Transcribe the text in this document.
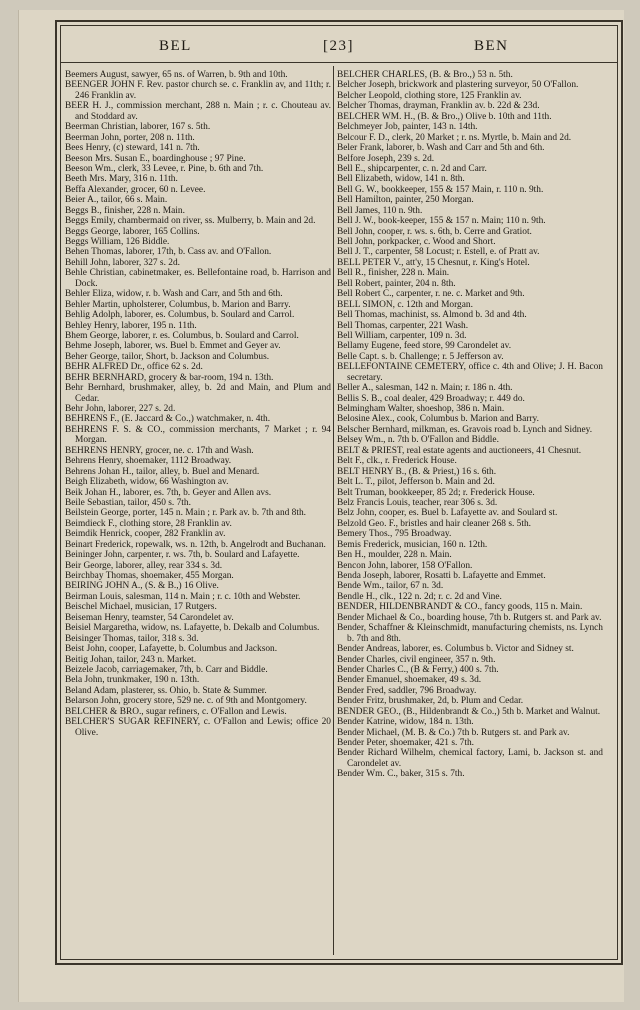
BEL	[23]	BEN
Beemers August, sawyer, 65 ns. of Warren, b. 9th and 10th.
BEENGER JOHN F. Rev. pastor church se. c. Franklin av, and 11th; r. 246 Franklin av.
BEER H. J., commission merchant, 288 n. Main ; r. c. Chouteau av. and Stoddard av.
Beerman Christian, laborer, 167 s. 5th.
Beerman John, porter, 208 n. 11th.
Bees Henry, (c) steward, 141 n. 7th.
Beeson Mrs. Susan E., boardinghouse ; 97 Pine.
Beeson Wm., clerk, 33 Levee, r. Pine, b. 6th and 7th.
Beeth Mrs. Mary, 316 n. 11th.
Beffa Alexander, grocer, 60 n. Levee.
Beier A., tailor, 66 s. Main.
Beggs B., finisher, 228 n. Main.
Beggs Emily, chambermaid on river, ss. Mulberry, b. Main and 2d.
Beggs George, laborer, 165 Collins.
Beggs William, 126 Biddle.
Behen Thomas, laborer, 17th, b. Cass av. and O'Fallon.
Behill John, laborer, 327 s. 2d.
Behle Christian, cabinetmaker, es. Bellefontaine road, b. Harrison and Dock.
Behler Eliza, widow, r. b. Wash and Carr, and 5th and 6th.
Behler Martin, upholsterer, Columbus, b. Marion and Barry.
Behlig Adolph, laborer, es. Columbus, b. Soulard and Carrol.
Behley Henry, laborer, 195 n. 11th.
Bhem George, laborer, r. es. Columbus, b. Soulard and Carrol.
Behme Joseph, laborer, ws. Buel b. Emmet and Geyer av.
Beher George, tailor, Short, b. Jackson and Columbus.
BEHR ALFRED Dr., office 62 s. 2d.
BEHR BERNHARD, grocery & bar-room, 194 n. 13th.
Behr Bernhard, brushmaker, alley, b. 2d and Main, and Plum and Cedar.
Behr John, laborer, 227 s. 2d.
BEHRENS F., (E. Jaccard & Co.,) watchmaker, n. 4th.
BEHRENS F. S. & CO., commission merchants, 7 Market ; r. 94 Morgan.
BEHRENS HENRY, grocer, ne. c. 17th and Wash.
Behrens Henry, shoemaker, 1112 Broadway.
Behrens Johan H., tailor, alley, b. Buel and Menard.
Beigh Elizabeth, widow, 66 Washington av.
Beik Johan H., laborer, es. 7th, b. Geyer and Allen avs.
Beile Sebastian, tailor, 450 s. 7th.
Beilstein George, porter, 145 n. Main ; r. Park av. b. 7th and 8th.
Beimdieck F., clothing store, 28 Franklin av.
Beimdik Henrick, cooper, 282 Franklin av.
Beinart Frederick, ropewalk, ws. n. 12th, b. Angelrodt and Buchanan.
Beininger John, carpenter, r. ws. 7th, b. Soulard and Lafayette.
Beir George, laborer, alley, rear 334 s. 3d.
Beirchbay Thomas, shoemaker, 455 Morgan.
BEIRING JOHN A., (S. & B.,) 16 Olive.
Beirman Louis, salesman, 114 n. Main ; r. c. 10th and Webster.
Beischel Michael, musician, 17 Rutgers.
Beiseman Henry, teamster, 54 Carondelet av.
Beisiel Margaretha, widow, ns. Lafayette, b. Dekalb and Columbus.
Beisinger Thomas, tailor, 318 s. 3d.
Beist John, cooper, Lafayette, b. Columbus and Jackson.
Beitig Johan, tailor, 243 n. Market.
Beizele Jacob, carriagemaker, 7th, b. Carr and Biddle.
Bela John, trunkmaker, 190 n. 13th.
Beland Adam, plasterer, ss. Ohio, b. State & Summer.
Belarson John, grocery store, 529 ne. c. of 9th and Montgomery.
BELCHER & BRO., sugar refiners, c. O'Fallon and Lewis.
BELCHER'S SUGAR REFINERY, c. O'Fallon and Lewis; office 20 Olive.
BELCHER CHARLES, (B. & Bro.,) 53 n. 5th.
Belcher Joseph, brickwork and plastering surveyor, 50 O'Fallon.
Belcher Leopold, clothing store, 125 Franklin av.
Belcher Thomas, drayman, Franklin av. b. 22d & 23d.
BELCHER WM. H., (B. & Bro.,) Olive b. 10th and 11th.
Belchmeyer Job, painter, 143 n. 14th.
Belcour F. D., clerk, 20 Market ; r. ns. Myrtle, b. Main and 2d.
Beler Frank, laborer, b. Wash and Carr and 5th and 6th.
Belfore Joseph, 239 s. 2d.
Bell E., shipcarpenter, c. n. 2d and Carr.
Bell Elizabeth, widow, 141 n. 8th.
Bell G. W., bookkeeper, 155 & 157 Main, r. 110 n. 9th.
Bell Hamilton, painter, 250 Morgan.
Bell James, 110 n. 9th.
Bell J. W., book-keeper, 155 & 157 n. Main; 110 n. 9th.
Bell John, cooper, r. ws. s. 6th, b. Cerre and Gratiot.
Bell John, porkpacker, c. Wood and Short.
Bell J. T., carpenter, 58 Locust; r. Estell, e. of Pratt av.
BELL PETER V., att'y, 15 Chesnut, r. King's Hotel.
Bell R., finisher, 228 n. Main.
Bell Robert, painter, 204 n. 8th.
Bell Robert C., carpenter, r. ne. c. Market and 9th.
BELL SIMON, c. 12th and Morgan.
Bell Thomas, machinist, ss. Almond b. 3d and 4th.
Bell Thomas, carpenter, 221 Wash.
Bell William, carpenter, 109 n. 3d.
Bellamy Eugene, feed store, 99 Carondelet av.
Belle Capt. s. b. Challenge; r. 5 Jefferson av.
BELLEFONTAINE CEMETERY, office c. 4th and Olive; J. H. Bacon secretary.
Beller A., salesman, 142 n. Main; r. 186 n. 4th.
Bellis S. B., coal dealer, 429 Broadway; r. 449 do.
Belmingham Walter, shoeshop, 386 n. Main.
Belosine Alex., cook, Columbus b. Marion and Barry.
Belscher Bernhard, milkman, es. Gravois road b. Lynch and Sidney.
Belsey Wm., n. 7th b. O'Fallon and Biddle.
BELT & PRIEST, real estate agents and auctioneers, 41 Chesnut.
Belt F., clk., r. Frederick House.
BELT HENRY B., (B. & Priest,) 16 s. 6th.
Belt L. T., pilot, Jefferson b. Main and 2d.
Belt Truman, bookkeeper, 85 2d; r. Frederick House.
Belz Francis Louis, teacher, rear 306 s. 3d.
Belz John, cooper, es. Buel b. Lafayette av. and Soulard st.
Belzold Geo. F., bristles and hair cleaner 268 s. 5th.
Bemery Thos., 795 Broadway.
Bemis Frederick, musician, 160 n. 12th.
Ben H., moulder, 228 n. Main.
Bencon John, laborer, 158 O'Fallon.
Benda Joseph, laborer, Rosatti b. Lafayette and Emmet.
Bende Wm., tailor, 67 n. 3d.
Bendle H., clk., 122 n. 2d; r. c. 2d and Vine.
BENDER, HILDENBRANDT & CO., fancy goods, 115 n. Main.
Bender Michael & Co., boarding house, 7th b. Rutgers st. and Park av.
Bender, Schaffner & Kleinschmidt, manufacturing chemists, ns. Lynch b. 7th and 8th.
Bender Andreas, laborer, es. Columbus b. Victor and Sidney st.
Bender Charles, civil engineer, 357 n. 9th.
Bender Charles C., (B & Ferry,) 400 s. 7th.
Bender Emanuel, shoemaker, 49 s. 3d.
Bender Fred, saddler, 796 Broadway.
Bender Fritz, brushmaker, 2d, b. Plum and Cedar.
BENDER GEO., (B., Hildenbrandt & Co.,) 5th b. Market and Walnut.
Bender Katrine, widow, 184 n. 13th.
Bender Michael, (M. B. & Co.) 7th b. Rutgers st. and Park av.
Bender Peter, shoemaker, 421 s. 7th.
Bender Richard Wilhelm, chemical factory, Lami, b. Jackson st. and Carondelet av.
Bender Wm. C., baker, 315 s. 7th.
